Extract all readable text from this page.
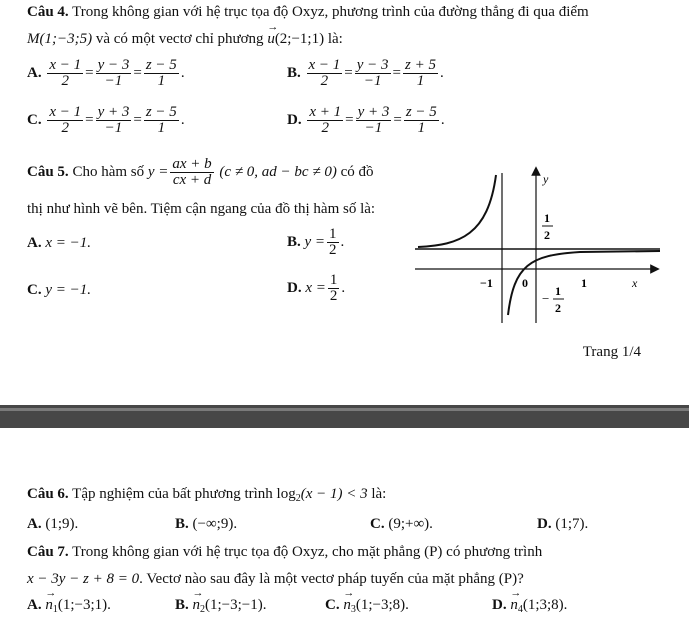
Câu 4. Trong không gian với hệ trục tọa độ Oxyz, phương trình của đường thẳng đi qua điểm
M(1;−3;5) và có một vectơ chỉ phương → u(2;−1;1) là:
A.
$\frac{x - 1}{2} = \frac{y - 3}{-1} = \frac{z - 5}{1}$ .	B.
$\frac{x - 1}{2} = \frac{y - 3}{-1} = \frac{z + 5}{1}$ .
C.
$\frac{x - 1}{2} = \frac{y + 3}{-1} = \frac{z - 5}{1}$ .	D.
$\frac{x + 1}{2} = \frac{y + 3}{-1} = \frac{z - 5}{1}$ .
Câu 5.
Cho hàm số
$y = \frac{ax + b}{cx + d}$
(c ≠ 0, ad − bc ≠ 0)
có đồ
thị như hình vẽ bên. Tiệm cận ngang của đồ thị hàm số là:
A. x = −1.	B.
$y = \frac{1}{2}$ .
C. y = −1.	D.
$x = \frac{1}{2}$ .
y
x
1
2
−1 0	1
− 1
2
Trang 1/4
Câu 6. Tập nghiệm của bất phương trình $\log_2(x - 1) < 3$ là:
A. (1;9).	B. (−∞;9).	C. (9;+∞).	D. (1;7).
Câu 7. Trong không gian với hệ trục tọa độ Oxyz, cho mặt phẳng (P) có phương trình
x − 3y − z + 8 = 0. Vectơ nào sau đây là một vectơ pháp tuyến của mặt phẳng (P)?
A. → $n_1(1;-3;1)$.	B. → $n_2(1;-3;-1)$.	C. → $n_3(1;-3;8)$.	D. → $n_4(1;3;8)$.
